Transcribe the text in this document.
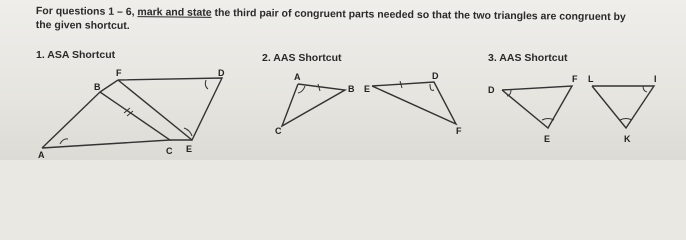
For questions 1 – 6, mark and state the third pair of congruent parts needed so that the two triangles are congruent by
the given shortcut.
1. ASA Shortcut	2. AAS Shortcut	3. AAS Shortcut
F	D
B
A
E
C
A
B E
D
C	F
D
F L	I
E	K
